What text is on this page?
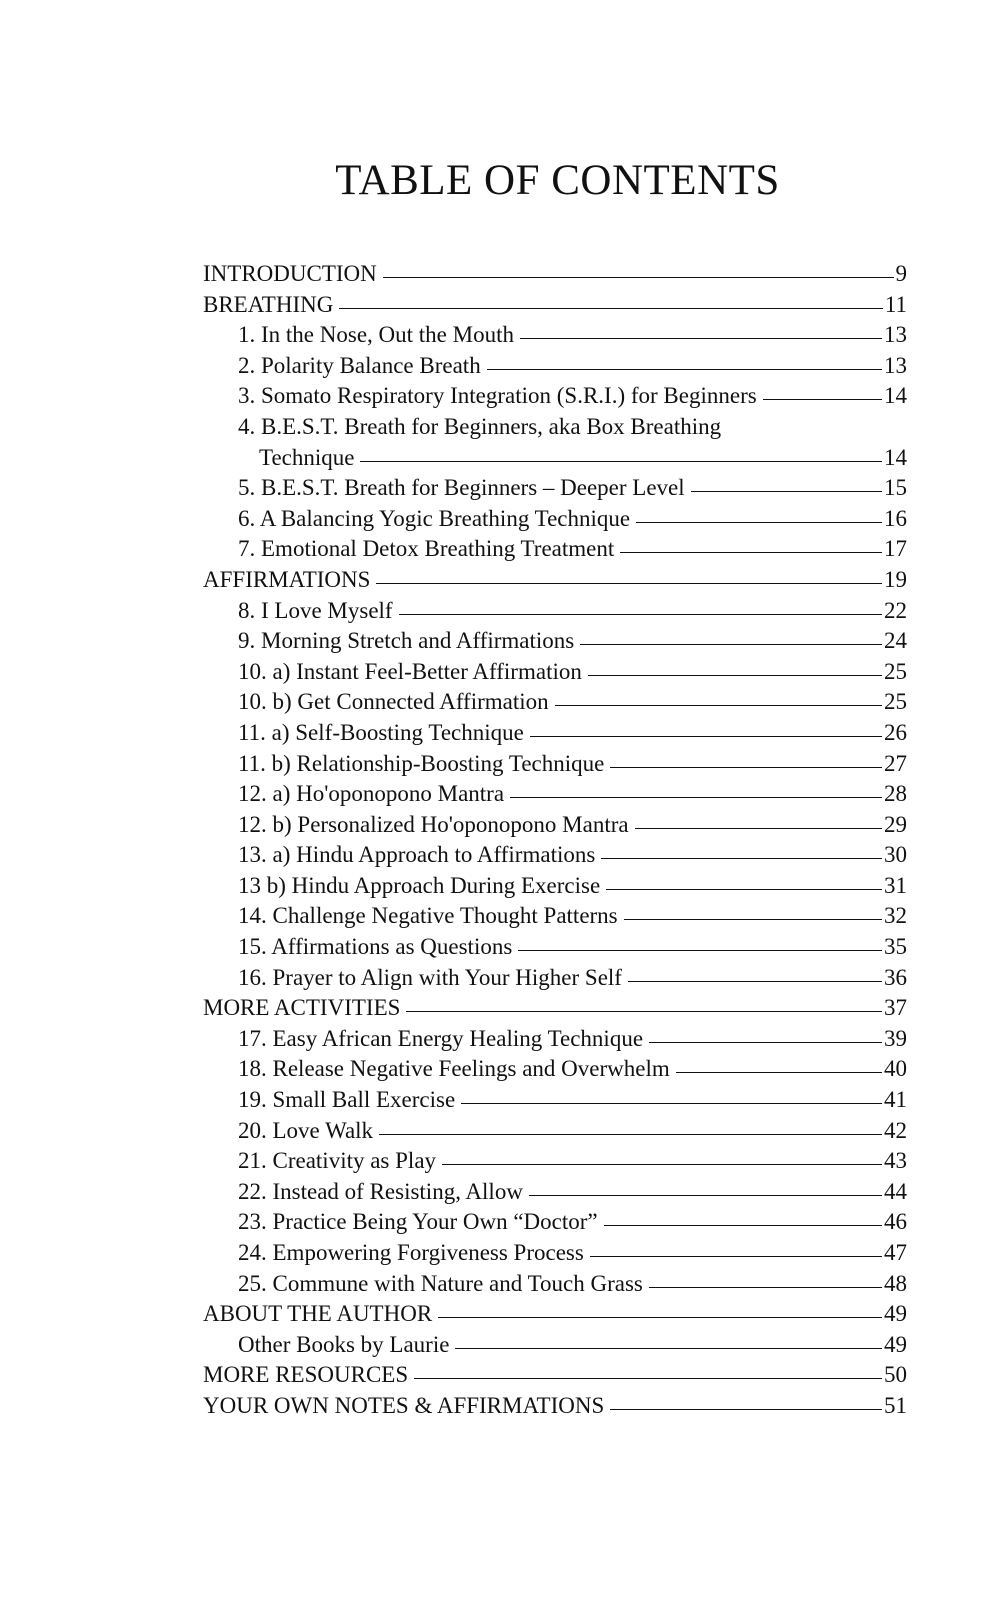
TABLE OF CONTENTS
INTRODUCTION	9
BREATHING	11
1. In the Nose, Out the Mouth	13
2. Polarity Balance Breath	13
3. Somato Respiratory Integration (S.R.I.) for Beginners	14
4. B.E.S.T. Breath for Beginners, aka Box Breathing
Technique	14
5. B.E.S.T. Breath for Beginners – Deeper Level	15
6. A Balancing Yogic Breathing Technique	16
7. Emotional Detox Breathing Treatment	17
AFFIRMATIONS	19
8. I Love Myself	22
9. Morning Stretch and Affirmations	24
10. a) Instant Feel-Better Affirmation	25
10. b) Get Connected Affirmation	25
11. a) Self-Boosting Technique	26
11. b) Relationship-Boosting Technique	27
12. a) Ho'oponopono Mantra	28
12. b) Personalized Ho'oponopono Mantra	29
13. a) Hindu Approach to Affirmations	30
13 b) Hindu Approach During Exercise	31
14. Challenge Negative Thought Patterns	32
15. Affirmations as Questions	35
16. Prayer to Align with Your Higher Self	36
MORE ACTIVITIES	37
17. Easy African Energy Healing Technique	39
18. Release Negative Feelings and Overwhelm	40
19. Small Ball Exercise	41
20. Love Walk	42
21. Creativity as Play	43
22. Instead of Resisting, Allow	44
23. Practice Being Your Own “Doctor”	46
24. Empowering Forgiveness Process	47
25. Commune with Nature and Touch Grass	48
ABOUT THE AUTHOR	49
Other Books by Laurie	49
MORE RESOURCES	50
YOUR OWN NOTES & AFFIRMATIONS	51
